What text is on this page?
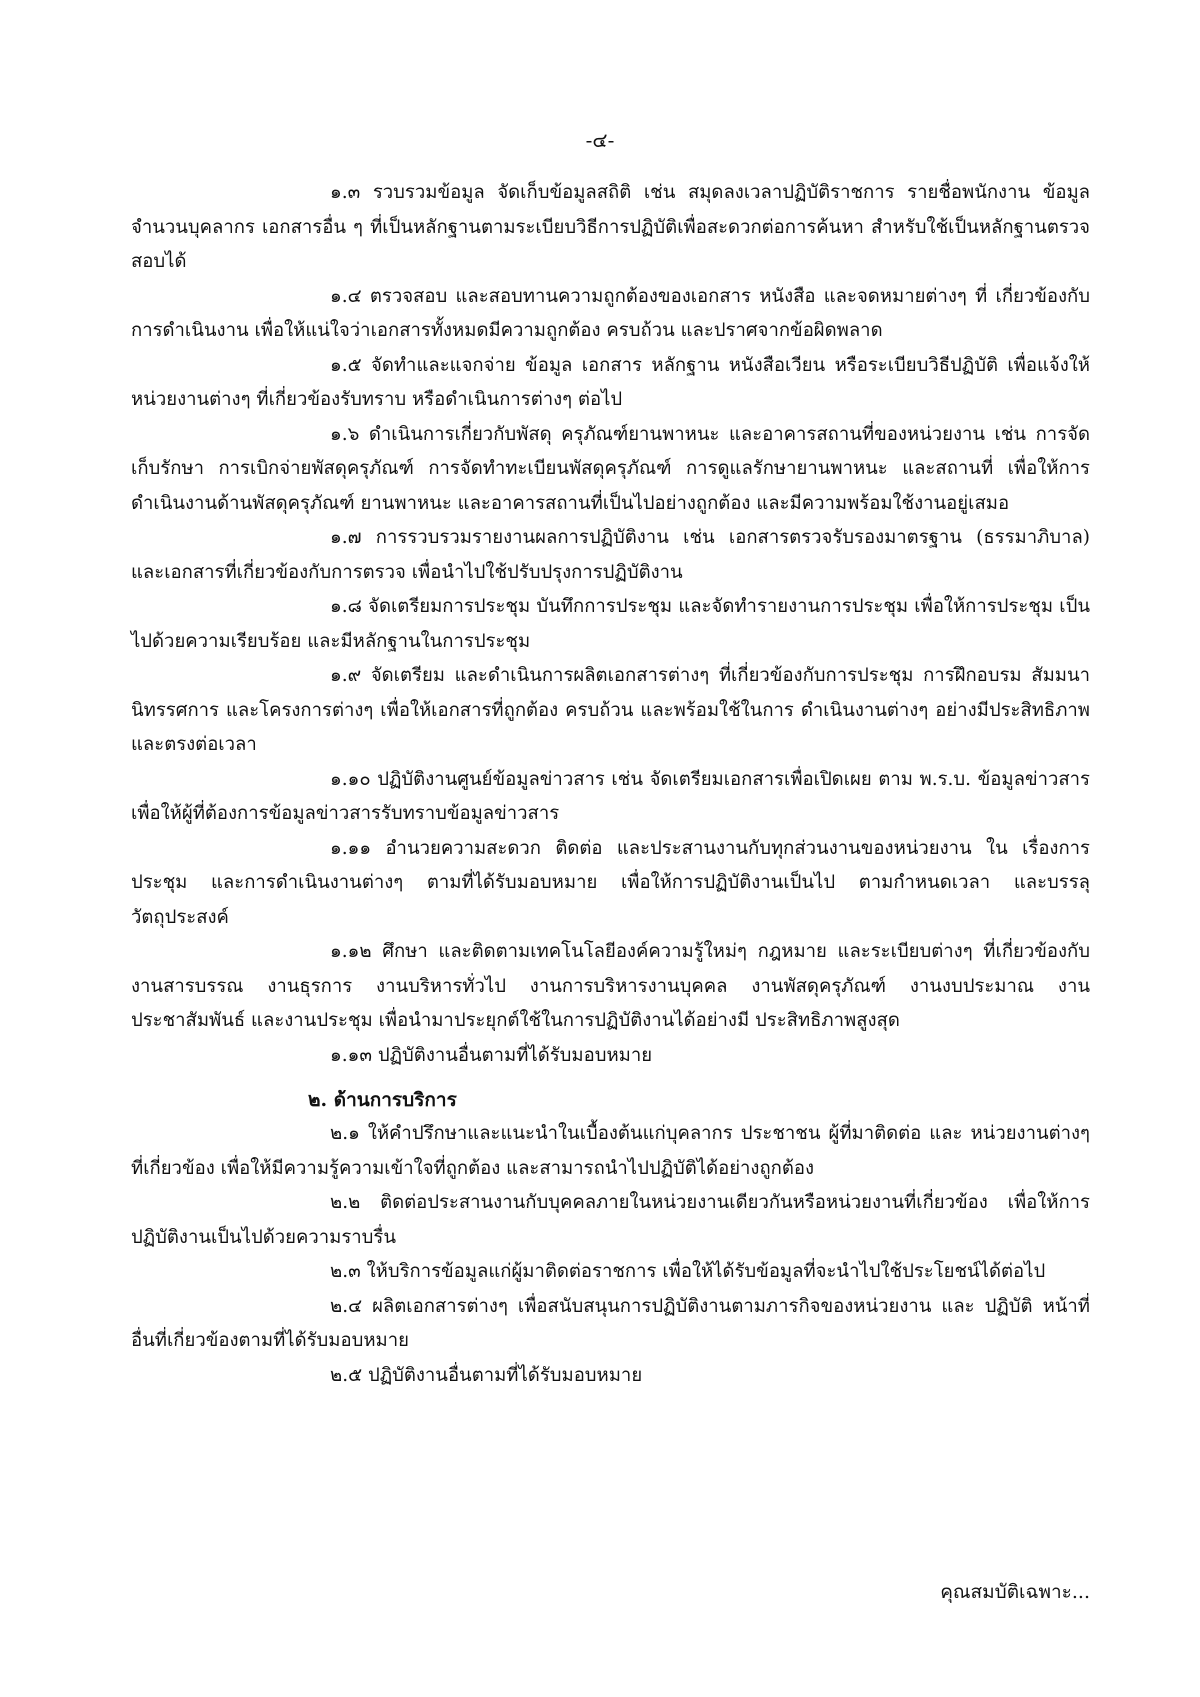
-๔-

๑.๓ รวบรวมข้อมูล จัดเก็บข้อมูลสถิติ เช่น สมุดลงเวลาปฏิบัติราชการ รายชื่อพนักงาน ข้อมูลจำนวนบุคลากร เอกสารอื่น ๆ ที่เป็นหลักฐานตามระเบียบวิธีการปฏิบัติเพื่อสะดวกต่อการค้นหา สำหรับใช้เป็นหลักฐานตรวจสอบได้

๑.๔ ตรวจสอบ และสอบทานความถูกต้องของเอกสาร หนังสือ และจดหมายต่างๆ ที่ เกี่ยวข้องกับการดำเนินงาน เพื่อให้แน่ใจว่าเอกสารทั้งหมดมีความถูกต้อง ครบถ้วน และปราศจากข้อผิดพลาด

๑.๕ จัดทำและแจกจ่าย ข้อมูล เอกสาร หลักฐาน หนังสือเวียน หรือระเบียบวิธีปฏิบัติ เพื่อแจ้งให้หน่วยงานต่างๆ ที่เกี่ยวข้องรับทราบ หรือดำเนินการต่างๆ ต่อไป

๑.๖ ดำเนินการเกี่ยวกับพัสดุ ครุภัณฑ์ยานพาหนะ และอาคารสถานที่ของหน่วยงาน เช่น การจัดเก็บรักษา การเบิกจ่ายพัสดุครุภัณฑ์ การจัดทำทะเบียนพัสดุครุภัณฑ์ การดูแลรักษายานพาหนะ และสถานที่ เพื่อให้การดำเนินงานด้านพัสดุครุภัณฑ์ ยานพาหนะ และอาคารสถานที่เป็นไปอย่างถูกต้อง และมีความพร้อมใช้งานอยู่เสมอ

๑.๗ การรวบรวมรายงานผลการปฏิบัติงาน เช่น เอกสารตรวจรับรองมาตรฐาน (ธรรมาภิบาล) และเอกสารที่เกี่ยวข้องกับการตรวจ เพื่อนำไปใช้ปรับปรุงการปฏิบัติงาน

๑.๘ จัดเตรียมการประชุม บันทึกการประชุม และจัดทำรายงานการประชุม เพื่อให้การประชุม เป็นไปด้วยความเรียบร้อย และมีหลักฐานในการประชุม

๑.๙ จัดเตรียม และดำเนินการผลิตเอกสารต่างๆ ที่เกี่ยวข้องกับการประชุม การฝึกอบรม สัมมนา นิทรรศการ และโครงการต่างๆ เพื่อให้เอกสารที่ถูกต้อง ครบถ้วน และพร้อมใช้ในการ ดำเนินงานต่างๆ อย่างมีประสิทธิภาพ และตรงต่อเวลา

๑.๑๐ ปฏิบัติงานศูนย์ข้อมูลข่าวสาร เช่น จัดเตรียมเอกสารเพื่อเปิดเผย ตาม พ.ร.บ. ข้อมูลข่าวสาร เพื่อให้ผู้ที่ต้องการข้อมูลข่าวสารรับทราบข้อมูลข่าวสาร

๑.๑๑ อำนวยความสะดวก ติดต่อ และประสานงานกับทุกส่วนงานของหน่วยงาน ใน เรื่องการประชุม และการดำเนินงานต่างๆ ตามที่ได้รับมอบหมาย เพื่อให้การปฏิบัติงานเป็นไป ตามกำหนดเวลา และบรรลุวัตถุประสงค์

๑.๑๒ ศึกษา และติดตามเทคโนโลยีองค์ความรู้ใหม่ๆ กฎหมาย และระเบียบต่างๆ ที่เกี่ยวข้องกับงานสารบรรณ งานธุรการ งานบริหารทั่วไป งานการบริหารงานบุคคล งานพัสดุครุภัณฑ์ งานงบประมาณ งานประชาสัมพันธ์ และงานประชุม เพื่อนำมาประยุกต์ใช้ในการปฏิบัติงานได้อย่างมี ประสิทธิภาพสูงสุด

๑.๑๓ ปฏิบัติงานอื่นตามที่ได้รับมอบหมาย

๒. ด้านการบริการ

๒.๑ ให้คำปรึกษาและแนะนำในเบื้องต้นแก่บุคลากร ประชาชน ผู้ที่มาติดต่อ และ หน่วยงานต่างๆ ที่เกี่ยวข้อง เพื่อให้มีความรู้ความเข้าใจที่ถูกต้อง และสามารถนำไปปฏิบัติได้อย่างถูกต้อง

๒.๒ ติดต่อประสานงานกับบุคคลภายในหน่วยงานเดียวกันหรือหน่วยงานที่เกี่ยวข้อง เพื่อให้การปฏิบัติงานเป็นไปด้วยความราบรื่น

๒.๓ ให้บริการข้อมูลแก่ผู้มาติดต่อราชการ เพื่อให้ได้รับข้อมูลที่จะนำไปใช้ประโยชน์ได้ต่อไป

๒.๔ ผลิตเอกสารต่างๆ เพื่อสนับสนุนการปฏิบัติงานตามภารกิจของหน่วยงาน และ ปฏิบัติ หน้าที่อื่นที่เกี่ยวข้องตามที่ได้รับมอบหมาย

๒.๕ ปฏิบัติงานอื่นตามที่ได้รับมอบหมาย

คุณสมบัติเฉพาะ...
